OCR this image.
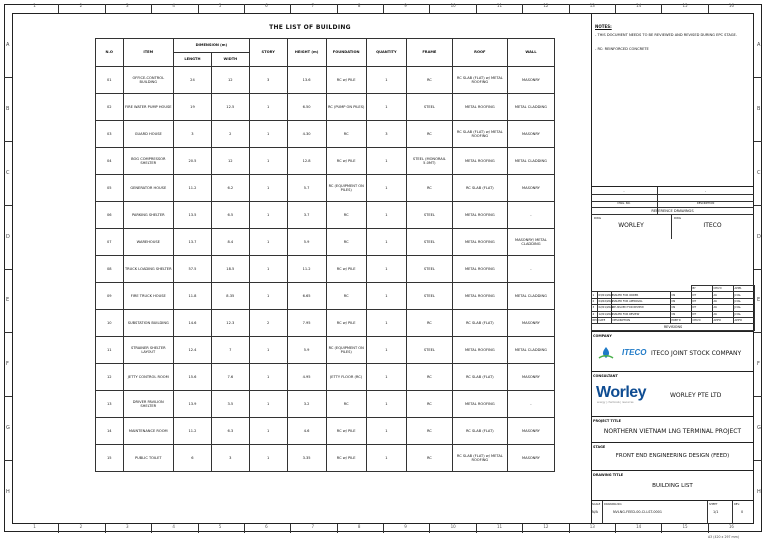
1
1
2
2
3
3
4
4
5
5
6
6
7
7
8
8
9
9
10
10
11
11
12
12
13
13
14
14
15
15
16
16
A	A
B	B
C	C
D	D
E	E
F	F
G	G
H	H
THE LIST OF BUILDING
N.O	ITEM	DIMENSION (m)		STORY	HEIGHT (m)	FOUNDATION	QUANTITY	FRAME	ROOF	WALL
		LENGTH	WIDTH							
01	OFFICE-CONTROL BUILDING	24	12	3	13.6	RC w/ PILE	1	RC	RC SLAB (FLAT) w/ METAL ROOFING	MASONRY
02	FIRE WATER PUMP HOUSE	19	12.5	1	6.50	RC (PUMP ON PILES)	1	STEEL	METAL ROOFING	METAL CLADDING
03	GUARD HOUSE	3	2	1	4.30	RC	3	RC	RC SLAB (FLAT) w/ METAL ROOFING	MASONRY
04	BOG COMPRESSOR SHELTER	20.5	12	1	12.8	RC w/ PILE	1	STEEL (MONORAIL 5.0MT)	METAL ROOFING	METAL CLADDING
05	GENERATOR HOUSE	11.2	6.2	1	5.7	RC (EQUIPMENT ON PILES)	1	RC	RC SLAB (FLAT)	MASONRY
06	PARKING SHELTER	13.5	6.5	1	3.7	RC	1	STEEL	METAL ROOFING	-
07	WAREHOUSE	13.7	8.4	1	5.9	RC	1	STEEL	METAL ROOFING	MASONRY/ METAL CLADDING
08	TRUCK LOADING SHELTER	57.5	18.5	1	11.2	RC w/ PILE	1	STEEL	METAL ROOFING	-
09	FIRE TRUCK HOUSE	11.8	8.35	1	6.65	RC	1	STEEL	METAL ROOFING	METAL CLADDING
10	SUBSTATION BUILDING	14.6	12.3	2	7.95	RC w/ PILE	1	RC	RC SLAB (FLAT)	MASONRY
11	STRAINER SHELTER LAYOUT	12.4	7	1	5.9	RC (EQUIPMENT ON PILES)	1	STEEL	METAL ROOFING	METAL CLADDING
12	JETTY CONTROL ROOM	15.6	7.6	1	4.95	JETTY FLOOR (RC)	1	RC	RC SLAB (FLAT)	MASONRY
13	DRIVER PAVILION SHELTER	13.9	3.5	1	3.2	RC	1	RC	METAL ROOFING	-
14	MAINTENANCE ROOM	11.2	6.3	1	4.6	RC w/ PILE	1	RC	RC SLAB (FLAT)	MASONRY
15	PUBLIC TOILET	6	3	1	3.35	RC w/ PILE	1	RC	RC SLAB (FLAT) w/ METAL ROOFING	MASONRY
NOTES:
- THIS DOCUMENT NEEDS TO BE REVIEWED AND REVISED DURING EPC STAGE.
- RC: REINFORCED CONCRETE
-	-
DWG. NO.	DESCRIPTION
REFERENCE DRAWINGS
DWG	DWG
WORLEY	ITECO
				BY	CHK'D	APPR.
1	03/01/2023	ISSUED FOR ORDER	CN	NT	AK	JLYAL
2	04/02/2022	ISSUED FOR APPROVAL	CN	NT	AK	JLYAL
3	02/01/2022	RE-ISSUED FOR REVIEW	CN	NT	AK	JLYAL
4	12/01/2021	ISSUED FOR REVIEW	CN	NT	AK	JLYAL
REV	DATE	DESCRIPTION	PREP'D	CHK'D	APP'D	APP'D
REVISIONS						
COMPANY
ITECO ITECO JOINT STOCK COMPANY
CONSULTANT
Worley
energy | chemicals | resources
WORLEY PTE LTD
PROJECT TITLE
NORTHERN VIETNAM LNG TERMINAL PROJECT
STAGE
FRONT END ENGINEERING DESIGN (FEED)
DRAWING TITLE
BUILDING LIST
SCALE
N/A
DRAWING NO.
NVLNG-FEED-00-CI-LST-0001
SHEET
1/1
REV.
0
A3 (420 x 297 mm)
